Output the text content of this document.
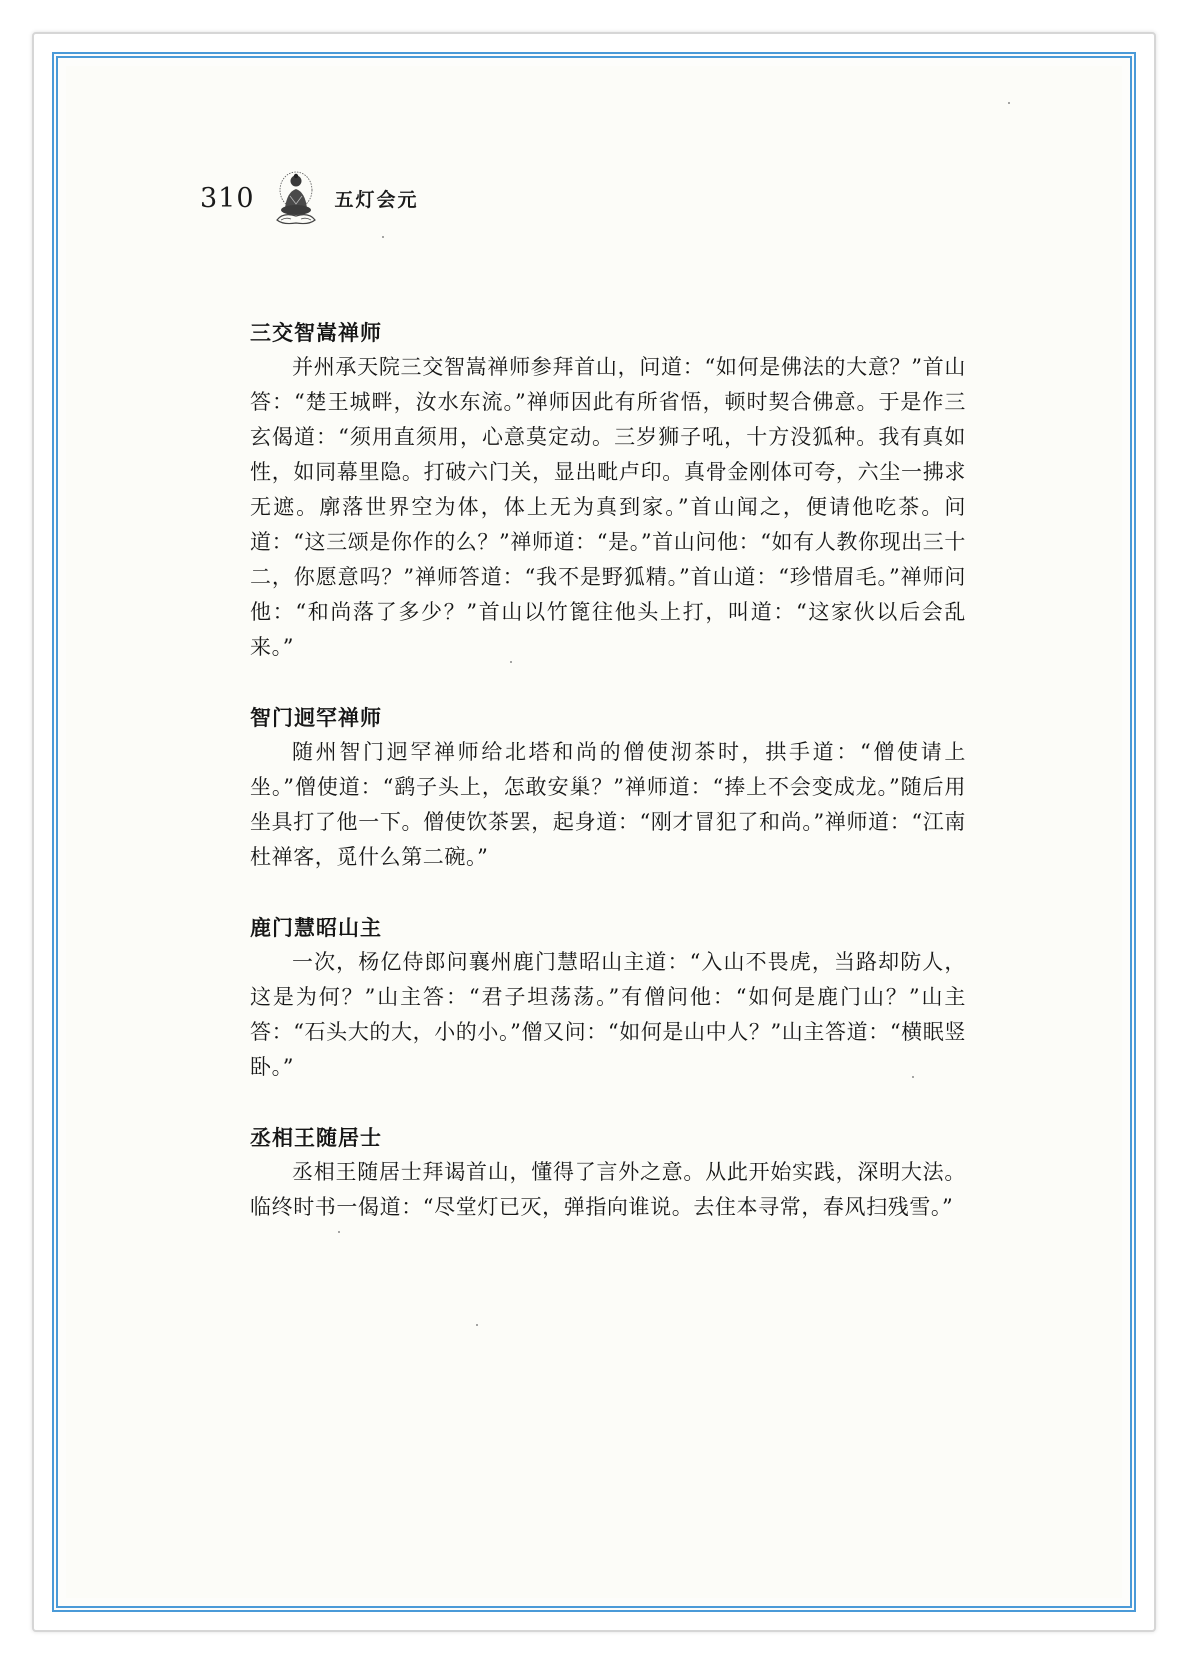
310	五灯会元
三交智嵩禅师

并州承天院三交智嵩禅师参拜首山，问道：“如何是佛法的大意？”首山答：“楚王城畔，汝水东流。”禅师因此有所省悟，顿时契合佛意。于是作三玄偈道：“须用直须用，心意莫定动。三岁狮子吼，十方没狐种。我有真如性，如同幕里隐。打破六门关，显出毗卢印。真骨金刚体可夸，六尘一拂求无遮。廓落世界空为体，体上无为真到家。”首山闻之，便请他吃茶。问道：“这三颂是你作的么？”禅师道：“是。”首山问他：“如有人教你现出三十二，你愿意吗？”禅师答道：“我不是野狐精。”首山道：“珍惜眉毛。”禅师问他：“和尚落了多少？”首山以竹篦往他头上打，叫道：“这家伙以后会乱来。”

智门迥罕禅师

随州智门迥罕禅师给北塔和尚的僧使沏茶时，拱手道：“僧使请上坐。”僧使道：“鹞子头上，怎敢安巢？”禅师道：“捧上不会变成龙。”随后用坐具打了他一下。僧使饮茶罢，起身道：“刚才冒犯了和尚。”禅师道：“江南杜禅客，觅什么第二碗。”

鹿门慧昭山主

一次，杨亿侍郎问襄州鹿门慧昭山主道：“入山不畏虎，当路却防人，这是为何？”山主答：“君子坦荡荡。”有僧问他：“如何是鹿门山？”山主答：“石头大的大，小的小。”僧又问：“如何是山中人？”山主答道：“横眠竖卧。”

丞相王随居士

丞相王随居士拜谒首山，懂得了言外之意。从此开始实践，深明大法。临终时书一偈道：“尽堂灯已灭，弹指向谁说。去住本寻常，春风扫残雪。”
